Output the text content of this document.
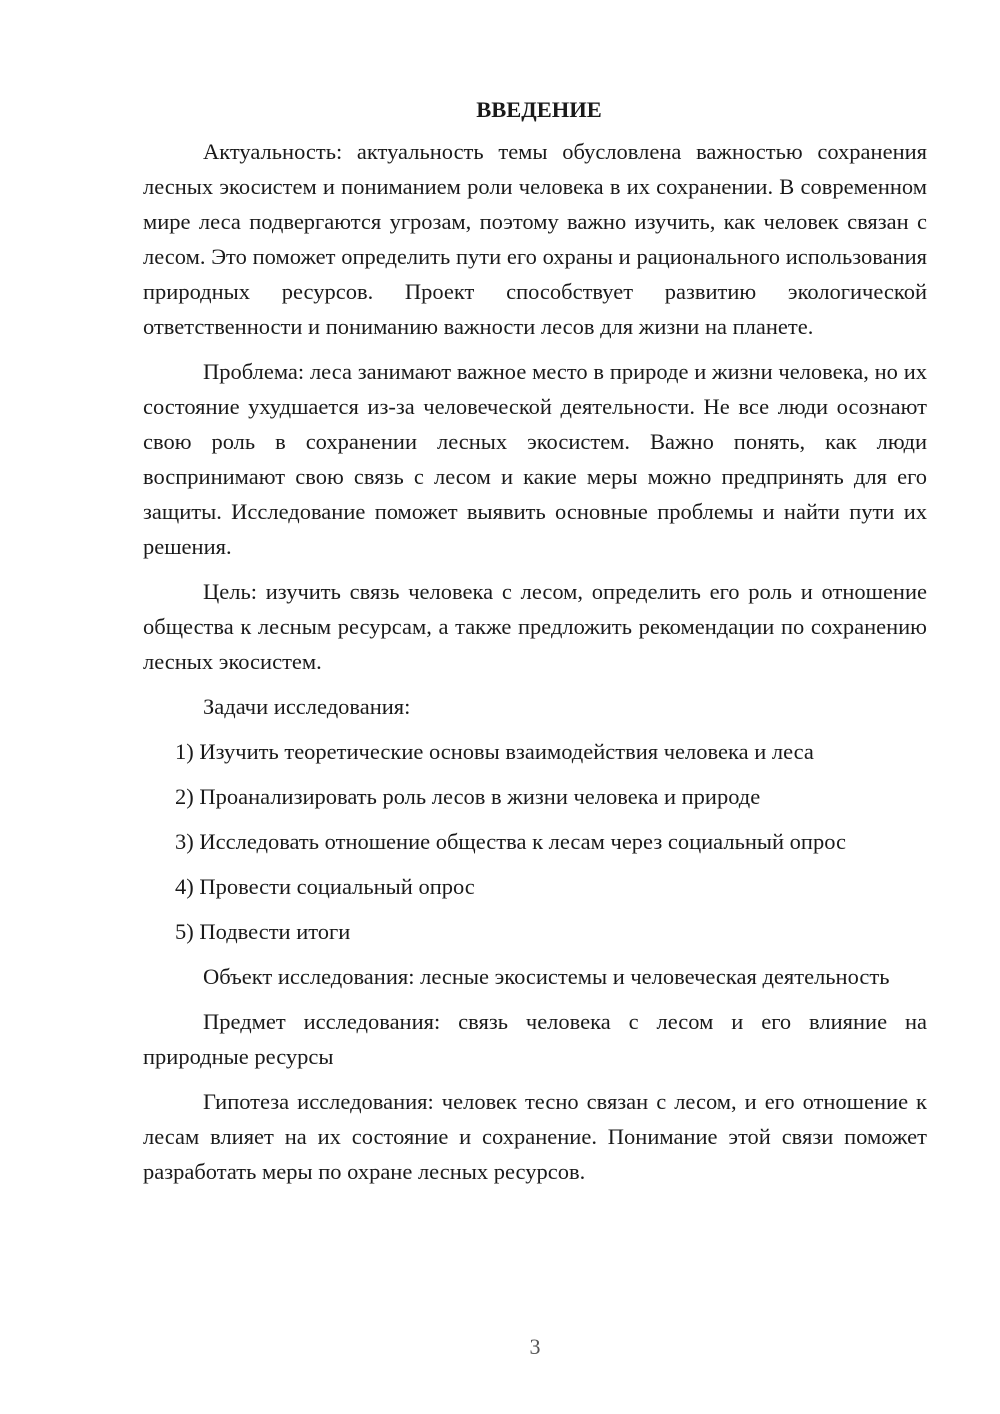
ВВЕДЕНИЕ

Актуальность: актуальность темы обусловлена важностью сохранения лесных экосистем и пониманием роли человека в их сохранении. В современном мире леса подвергаются угрозам, поэтому важно изучить, как человек связан с лесом. Это поможет определить пути его охраны и рационального использования природных ресурсов. Проект способствует развитию экологической ответственности и пониманию важности лесов для жизни на планете.

Проблема: леса занимают важное место в природе и жизни человека, но их состояние ухудшается из-за человеческой деятельности. Не все люди осознают свою роль в сохранении лесных экосистем. Важно понять, как люди воспринимают свою связь с лесом и какие меры можно предпринять для его защиты. Исследование поможет выявить основные проблемы и найти пути их решения.

Цель: изучить связь человека с лесом, определить его роль и отношение общества к лесным ресурсам, а также предложить рекомендации по сохранению лесных экосистем.

Задачи исследования:

1) Изучить теоретические основы взаимодействия человека и леса
2) Проанализировать роль лесов в жизни человека и природе
3) Исследовать отношение общества к лесам через социальный опрос
4) Провести социальный опрос
5) Подвести итоги

Объект исследования: лесные экосистемы и человеческая деятельность

Предмет исследования: связь человека с лесом и его влияние на природные ресурсы

Гипотеза исследования: человек тесно связан с лесом, и его отношение к лесам влияет на их состояние и сохранение. Понимание этой связи поможет разработать меры по охране лесных ресурсов.

3
